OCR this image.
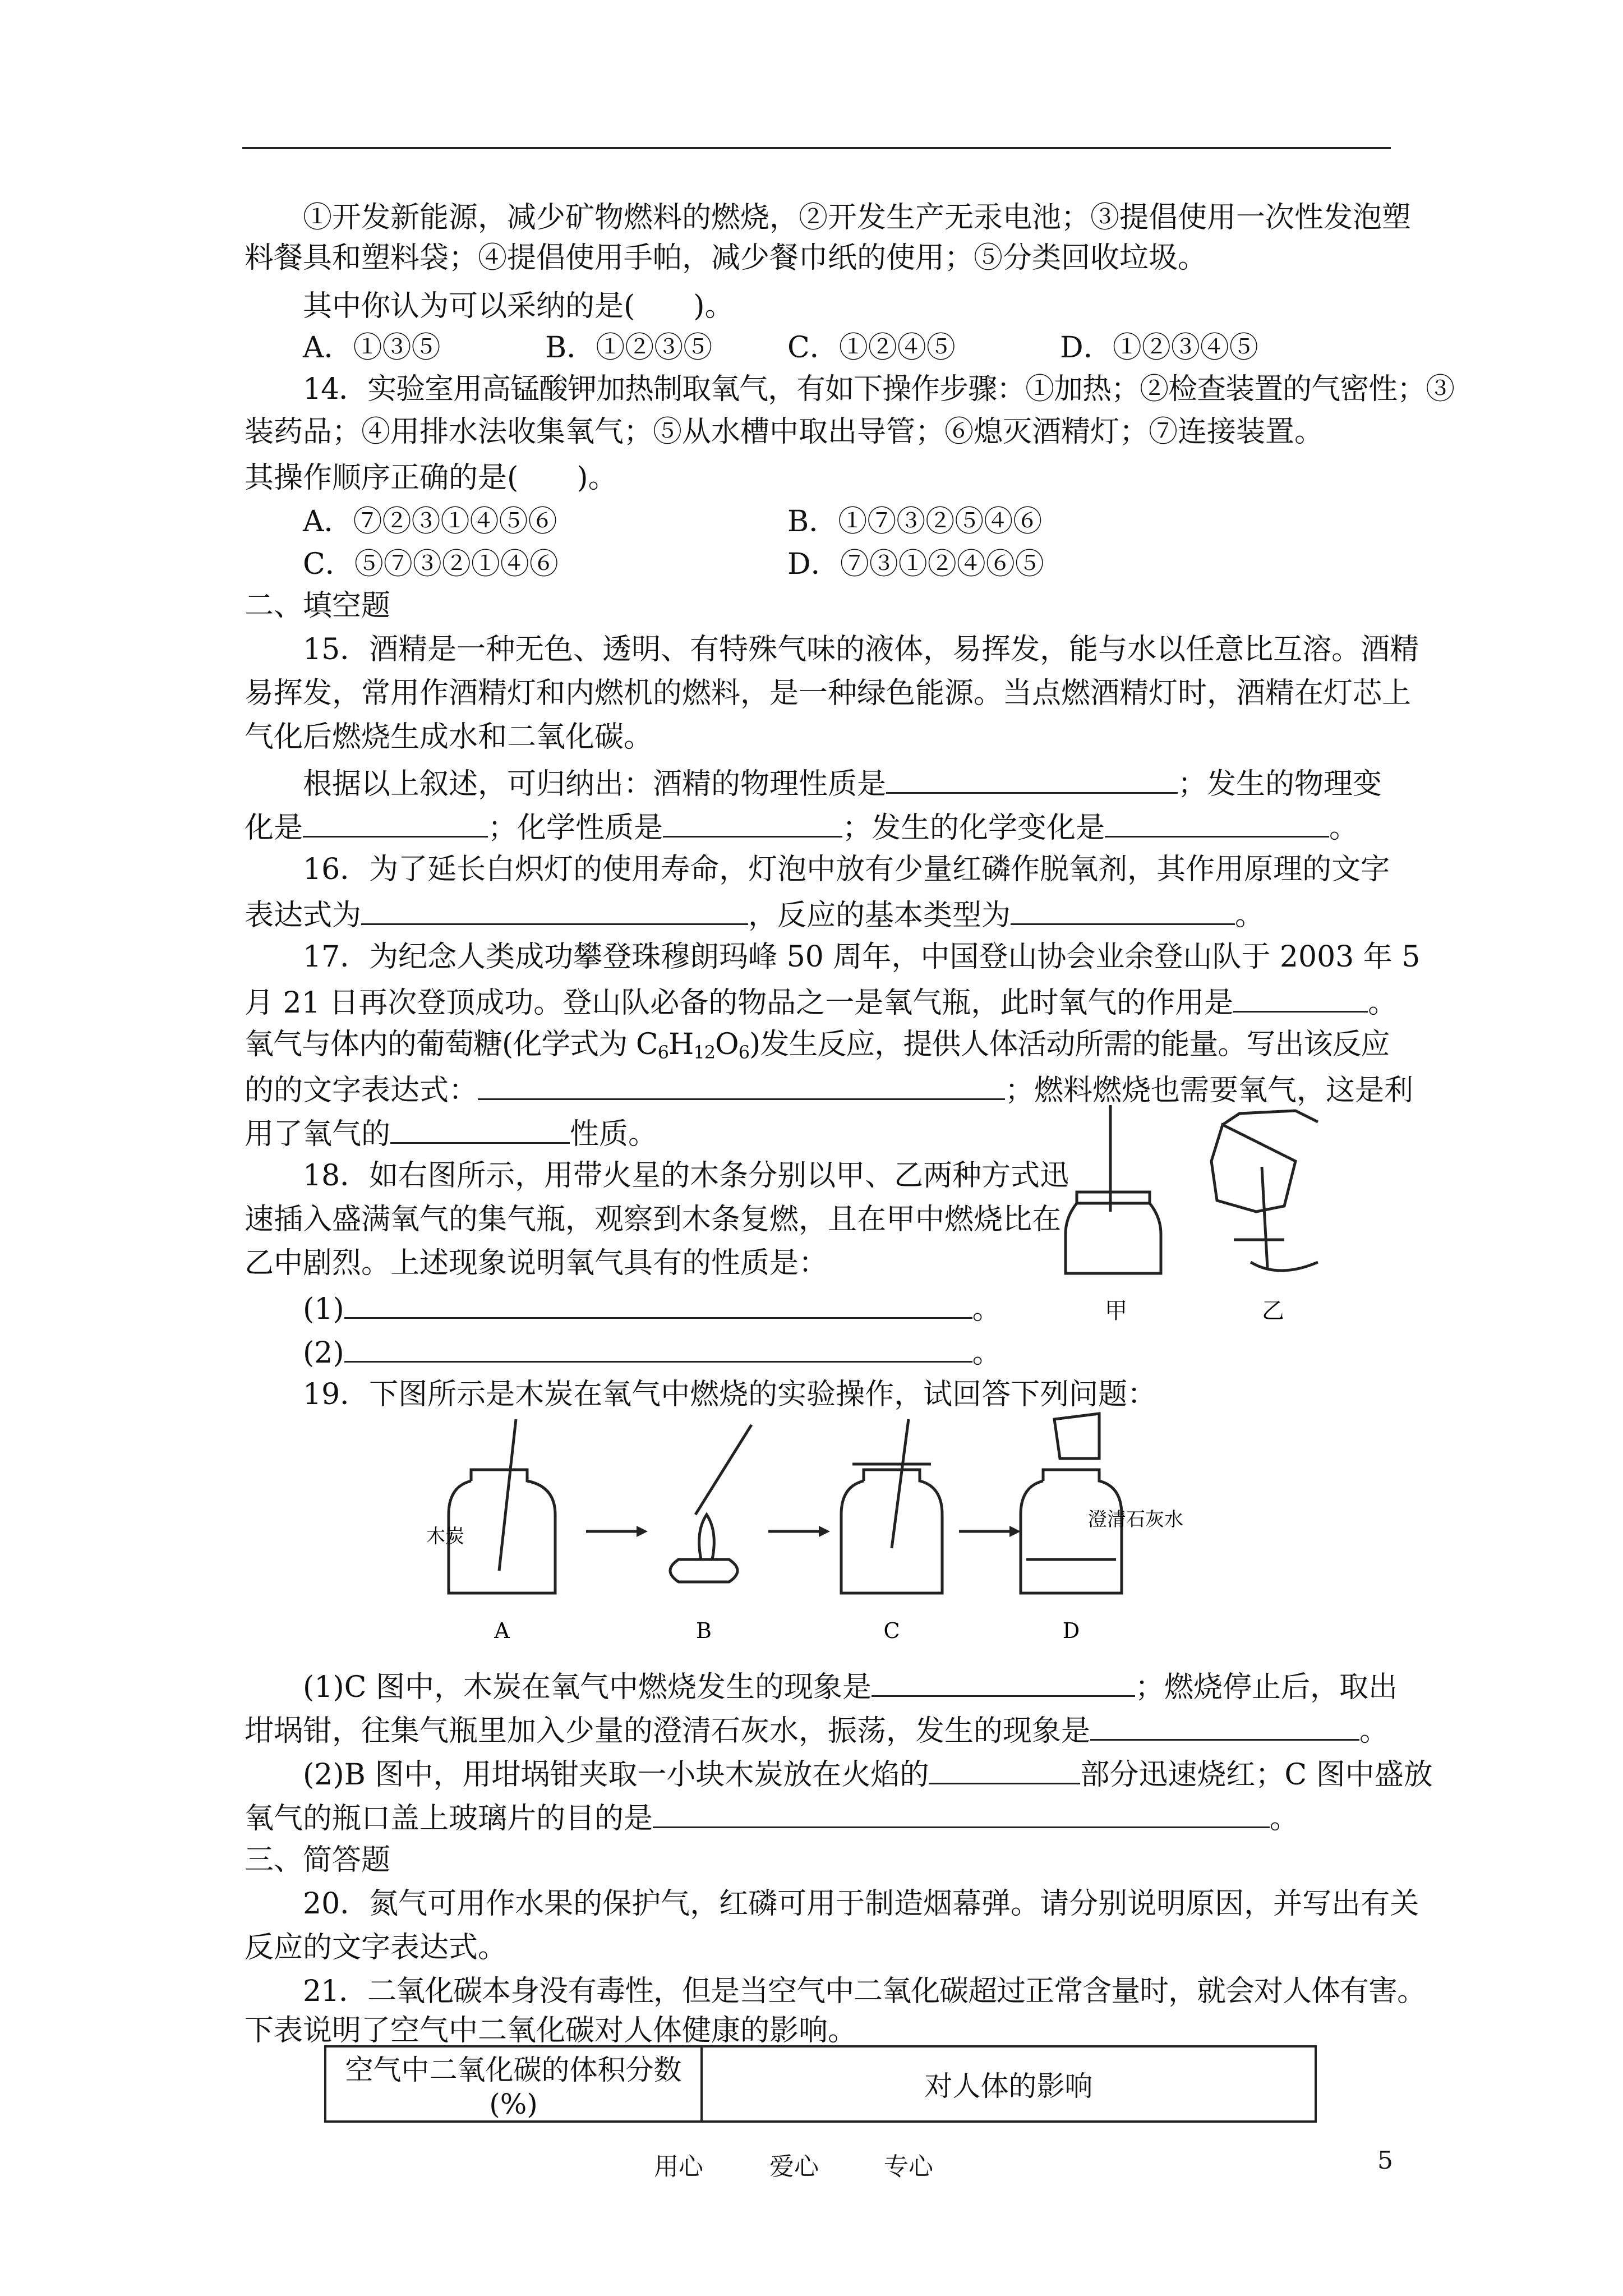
①开发新能源，减少矿物燃料的燃烧，②开发生产无汞电池；③提倡使用一次性发泡塑
料餐具和塑料袋；④提倡使用手帕，减少餐巾纸的使用；⑤分类回收垃圾。
其中你认为可以采纳的是(　　)。
A．①③⑤	B．①②③⑤	C．①②④⑤	D．①②③④⑤
14．实验室用高锰酸钾加热制取氧气，有如下操作步骤：①加热；②检查装置的气密性；③
装药品；④用排水法收集氧气；⑤从水槽中取出导管；⑥熄灭酒精灯；⑦连接装置。
其操作顺序正确的是(　　)。
A．⑦②③①④⑤⑥	B．①⑦③②⑤④⑥
C．⑤⑦③②①④⑥	D．⑦③①②④⑥⑤
二、填空题
15．酒精是一种无色、透明、有特殊气味的液体，易挥发，能与水以任意比互溶。酒精
易挥发，常用作酒精灯和内燃机的燃料，是一种绿色能源。当点燃酒精灯时，酒精在灯芯上
气化后燃烧生成水和二氧化碳。
根据以上叙述，可归纳出：酒精的物理性质是	；发生的物理变
化是	；化学性质是	；发生的化学变化是	。
16．为了延长白炽灯的使用寿命，灯泡中放有少量红磷作脱氧剂，其作用原理的文字
表达式为	，反应的基本类型为	。
17．为纪念人类成功攀登珠穆朗玛峰 50 周年，中国登山协会业余登山队于 2003 年 5
月 21 日再次登顶成功。登山队必备的物品之一是氧气瓶，此时氧气的作用是	。
氧气与体内的葡萄糖(化学式为 $C_6H_{12}O_6$)发生反应，提供人体活动所需的能量。写出该反应
的的文字表达式：	；燃料燃烧也需要氧气，这是利
用了氧气的	性质。
18．如右图所示，用带火星的木条分别以甲、乙两种方式迅
速插入盛满氧气的集气瓶，观察到木条复燃，且在甲中燃烧比在
乙中剧烈。上述现象说明氧气具有的性质是：
(1)	。
(2)	。
甲	乙
19．下图所示是木炭在氧气中燃烧的实验操作，试回答下列问题：
木炭
澄清石灰水
A	B	C	D
(1)C 图中，木炭在氧气中燃烧发生的现象是	；燃烧停止后，取出
坩埚钳，往集气瓶里加入少量的澄清石灰水，振荡，发生的现象是	。
(2)B 图中，用坩埚钳夹取一小块木炭放在火焰的	部分迅速烧红；C 图中盛放
氧气的瓶口盖上玻璃片的目的是	。
三、简答题
20．氮气可用作水果的保护气，红磷可用于制造烟幕弹。请分别说明原因，并写出有关
反应的文字表达式。
21．二氧化碳本身没有毒性，但是当空气中二氧化碳超过正常含量时，就会对人体有害。
下表说明了空气中二氧化碳对人体健康的影响。
空气中二氧化碳的体积分数(%)	对人体的影响
用心	爱心	专心	5
